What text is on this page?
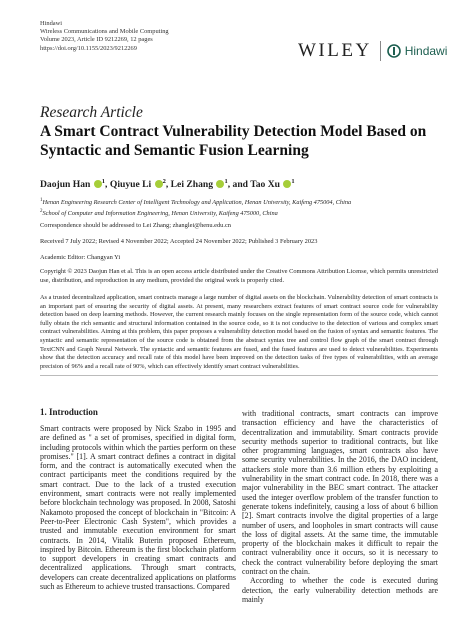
Hindawi
Wireless Communications and Mobile Computing
Volume 2023, Article ID 9212269, 12 pages
https://doi.org/10.1155/2023/9212269	WILEY	Hindawi
Research Article
A Smart Contract Vulnerability Detection Model Based on Syntactic and Semantic Fusion Learning
Daojun Han $^1$, Qiuyue Li $^2$, Lei Zhang $^1$, and Tao Xu $^1$
$^1$Henan Engineering Research Center of Intelligent Technology and Application, Henan University, Kaifeng 475004, China
$^2$School of Computer and Information Engineering, Henan University, Kaifeng 475000, China
Correspondence should be addressed to Lei Zhang; zhanglei@henu.edu.cn
Received 7 July 2022; Revised 4 November 2022; Accepted 24 November 2022; Published 3 February 2023
Academic Editor: Changyan Yi
Copyright © 2023 Daojun Han et al. This is an open access article distributed under the Creative Commons Attribution License, which permits unrestricted use, distribution, and reproduction in any medium, provided the original work is properly cited.
As a trusted decentralized application, smart contracts manage a large number of digital assets on the blockchain. Vulnerability detection of smart contracts is an important part of ensuring the security of digital assets. At present, many researchers extract features of smart contract source code for vulnerability detection based on deep learning methods. However, the current research mainly focuses on the single representation form of the source code, which cannot fully obtain the rich semantic and structural information contained in the source code, so it is not conducive to the detection of various and complex smart contract vulnerabilities. Aiming at this problem, this paper proposes a vulnerability detection model based on the fusion of syntax and semantic features. The syntactic and semantic representation of the source code is obtained from the abstract syntax tree and control flow graph of the smart contract through TextCNN and Graph Neural Network. The syntactic and semantic features are fused, and the fused features are used to detect vulnerabilities. Experiments show that the detection accuracy and recall rate of this model have been improved on the detection tasks of five types of vulnerabilities, with an average precision of 96% and a recall rate of 90%, which can effectively identify smart contract vulnerabilities.
1. Introduction

Smart contracts were proposed by Nick Szabo in 1995 and are defined as " a set of promises, specified in digital form, including protocols within which the parties perform on these promises." [1]. A smart contract defines a contract in digital form, and the contract is automatically executed when the contract participants meet the conditions required by the smart contract. Due to the lack of a trusted execution environment, smart contracts were not really implemented before blockchain technology was proposed. In 2008, Satoshi Nakamoto proposed the concept of blockchain in "Bitcoin: A Peer-to-Peer Electronic Cash System", which provides a trusted and immutable execution environment for smart contracts. In 2014, Vitalik Buterin proposed Ethereum, inspired by Bitcoin. Ethereum is the first blockchain platform to support developers in creating smart contracts and decentralized applications. Through smart contracts, developers can create decentralized applications on platforms such as Ethereum to achieve trusted transactions. Compared

with traditional contracts, smart contracts can improve transaction efficiency and have the characteristics of decentralization and immutability. Smart contracts provide security methods superior to traditional contracts, but like other programming languages, smart contracts also have some security vulnerabilities. In the 2016, the DAO incident, attackers stole more than 3.6 million ethers by exploiting a vulnerability in the smart contract code. In 2018, there was a major vulnerability in the BEC smart contract. The attacker used the integer overflow problem of the transfer function to generate tokens indefinitely, causing a loss of about 6 billion [2]. Smart contracts involve the digital properties of a large number of users, and loopholes in smart contracts will cause the loss of digital assets. At the same time, the immutable property of the blockchain makes it difficult to repair the contract vulnerability once it occurs, so it is necessary to check the contract vulnerability before deploying the smart contract on the chain.

According to whether the code is executed during detection, the early vulnerability detection methods are mainly
